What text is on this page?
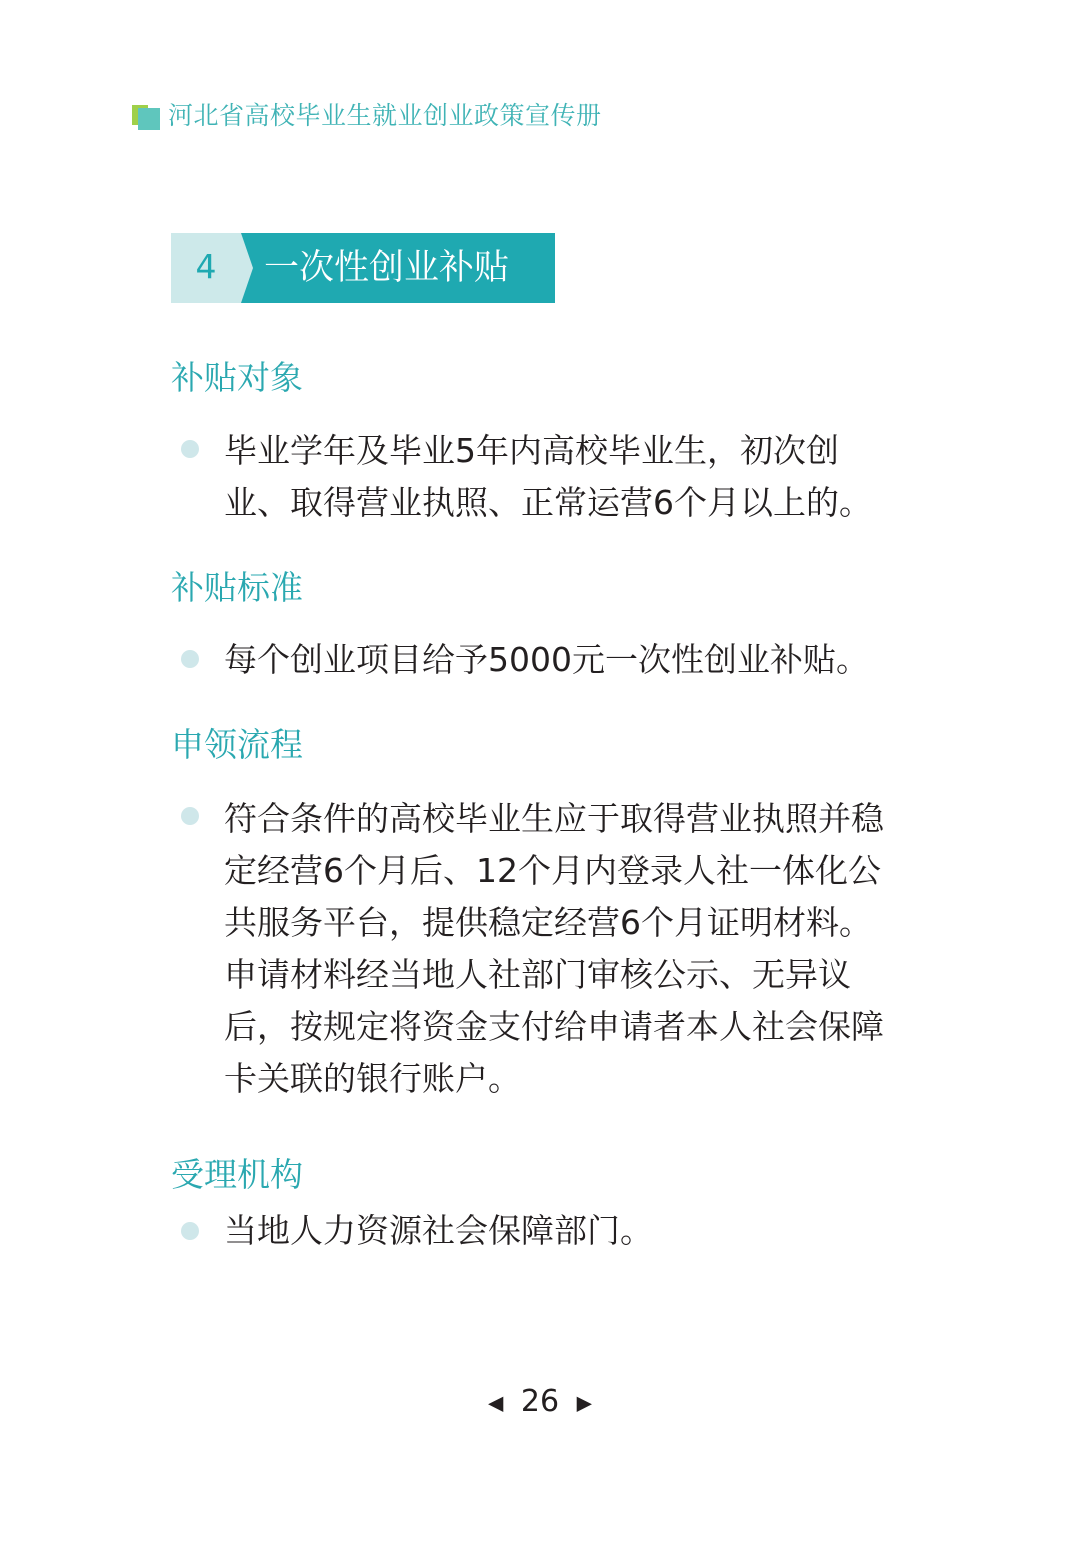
河北省高校毕业生就业创业政策宣传册
4 一次性创业补贴
补贴对象
毕业学年及毕业5年内高校毕业生，初次创
业、取得营业执照、正常运营6个月以上的。
补贴标准
每个创业项目给予5000元一次性创业补贴。
申领流程
符合条件的高校毕业生应于取得营业执照并稳
定经营6个月后、12个月内登录人社一体化公
共服务平台，提供稳定经营6个月证明材料。
申请材料经当地人社部门审核公示、无异议
后，按规定将资金支付给申请者本人社会保障
卡关联的银行账户。
受理机构
当地人力资源社会保障部门。
◀ 26 ▶
